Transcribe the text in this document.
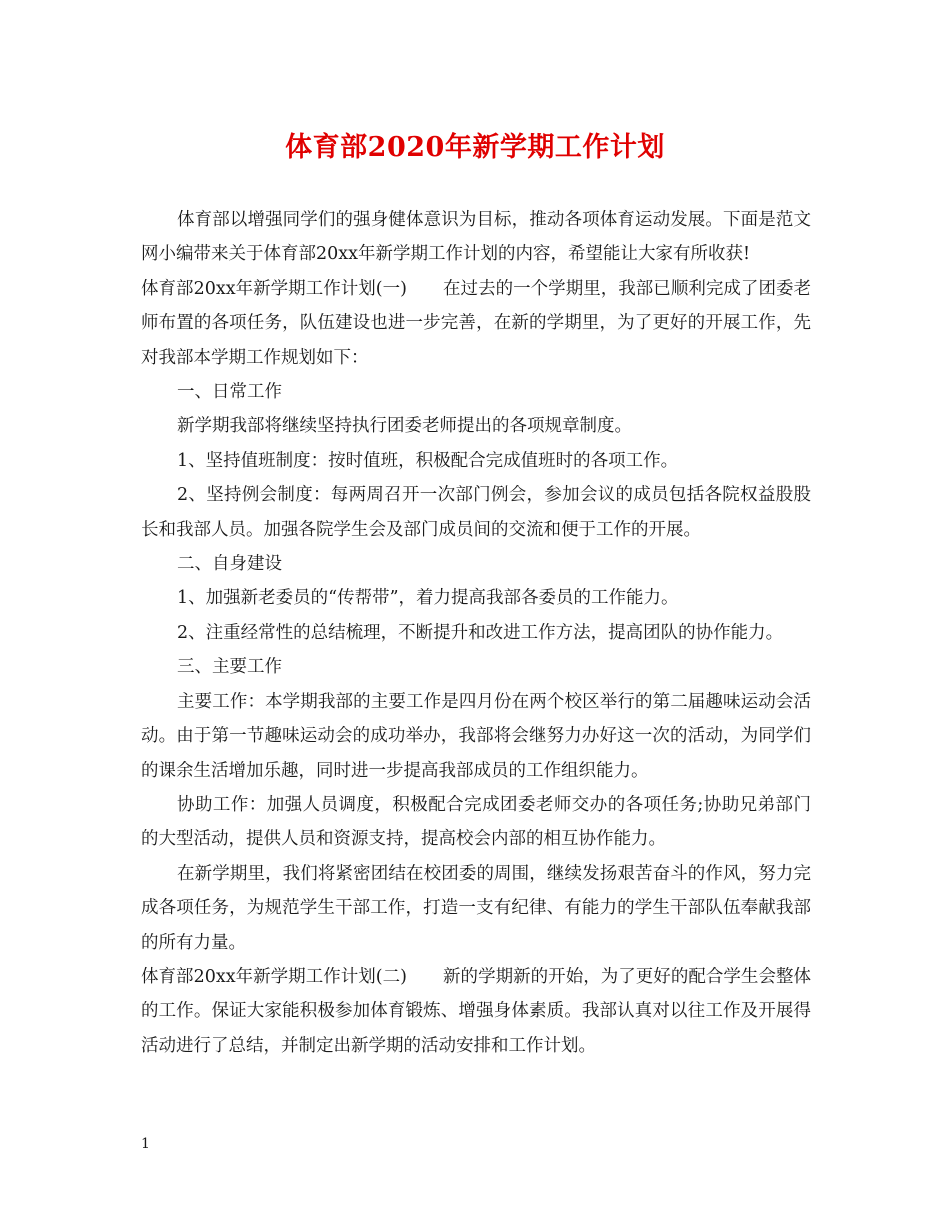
体育部2020年新学期工作计划

体育部以增强同学们的强身健体意识为目标，推动各项体育运动发展。下面是范文网小编带来关于体育部20xx年新学期工作计划的内容，希望能让大家有所收获!

体育部20xx年新学期工作计划(一) 在过去的一个学期里，我部已顺利完成了团委老师布置的各项任务，队伍建设也进一步完善，在新的学期里，为了更好的开展工作，先对我部本学期工作规划如下：

一、日常工作

新学期我部将继续坚持执行团委老师提出的各项规章制度。

1、坚持值班制度：按时值班，积极配合完成值班时的各项工作。

2、坚持例会制度：每两周召开一次部门例会，参加会议的成员包括各院权益股股长和我部人员。加强各院学生会及部门成员间的交流和便于工作的开展。

二、自身建设

1、加强新老委员的“传帮带”，着力提高我部各委员的工作能力。

2、注重经常性的总结梳理，不断提升和改进工作方法，提高团队的协作能力。

三、主要工作

主要工作：本学期我部的主要工作是四月份在两个校区举行的第二届趣味运动会活动。由于第一节趣味运动会的成功举办，我部将会继努力办好这一次的活动，为同学们的课余生活增加乐趣，同时进一步提高我部成员的工作组织能力。

协助工作：加强人员调度，积极配合完成团委老师交办的各项任务;协助兄弟部门的大型活动，提供人员和资源支持，提高校会内部的相互协作能力。

在新学期里，我们将紧密团结在校团委的周围，继续发扬艰苦奋斗的作风，努力完成各项任务，为规范学生干部工作，打造一支有纪律、有能力的学生干部队伍奉献我部的所有力量。

体育部20xx年新学期工作计划(二) 新的学期新的开始，为了更好的配合学生会整体的工作。保证大家能积极参加体育锻炼、增强身体素质。我部认真对以往工作及开展得活动进行了总结，并制定出新学期的活动安排和工作计划。

1
